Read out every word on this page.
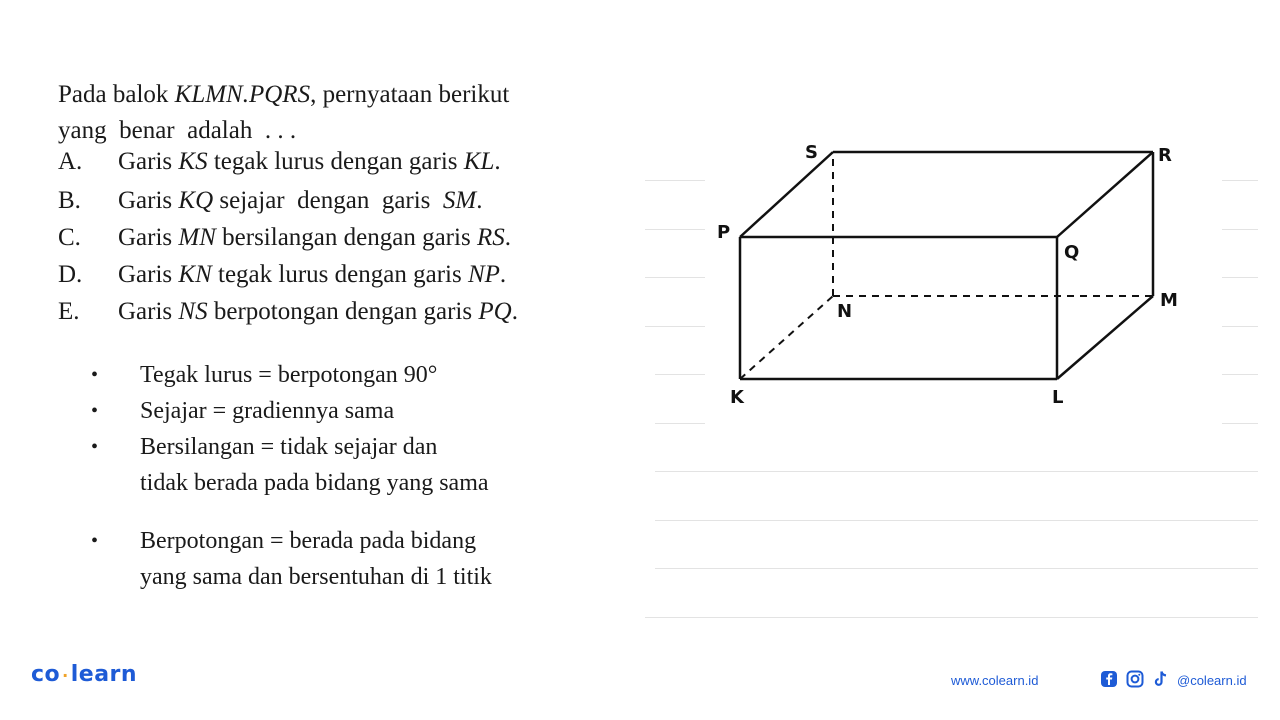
Pada balok KLMN.PQRS, pernyataan berikut
yang  benar  adalah  . . .
A. Garis KS tegak lurus dengan garis KL.
B. Garis KQ sejajar  dengan  garis  SM.
C. Garis MN bersilangan dengan garis RS.
D. Garis KN tegak lurus dengan garis NP.
E. Garis NS berpotongan dengan garis PQ.
• Tegak lurus = berpotongan 90°
• Sejajar = gradiennya sama
• Bersilangan = tidak sejajar dan
tidak berada pada bidang yang sama
• Berpotongan = berada pada bidang
yang sama dan bersentuhan di 1 titik
S	R
P
Q
N
M
K	L
co ·learn	www.colearn.id	@colearn.id
